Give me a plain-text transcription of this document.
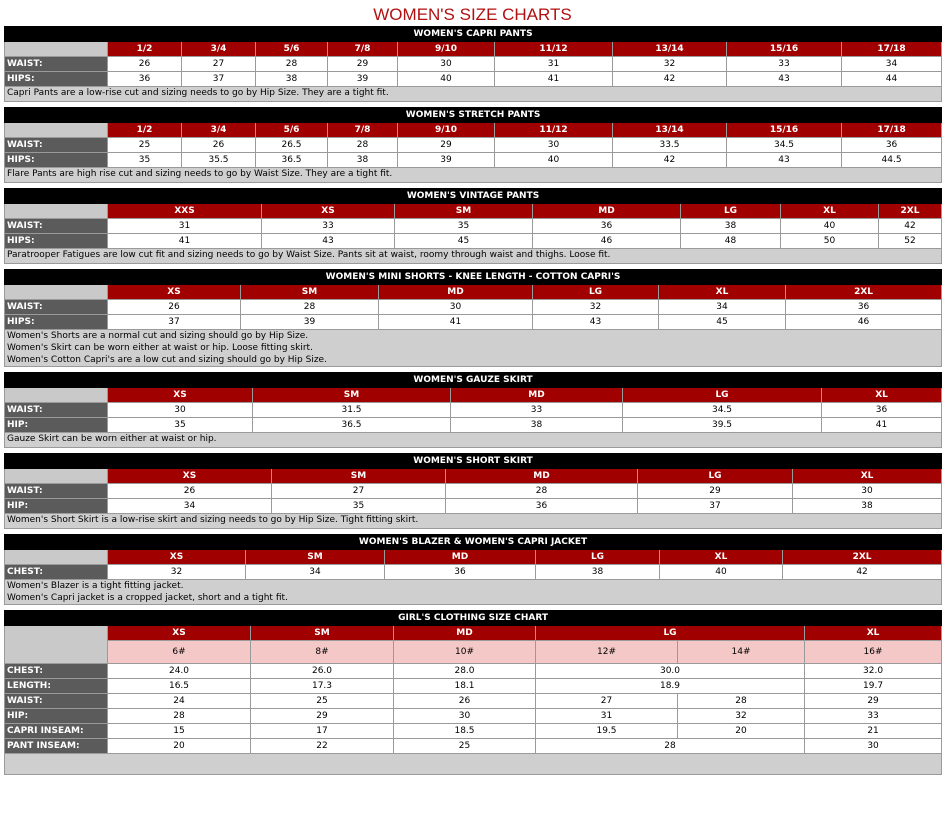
WOMEN'S SIZE CHARTS
WOMEN'S CAPRI PANTS									
	1/2	3/4	5/6	7/8	9/10	11/12	13/14	15/16	17/18
WAIST:	26	27	28	29	30	31	32	33	34
HIPS:	36	37	38	39	40	41	42	43	44

Capri Pants are a low-rise cut and sizing needs to go by Hip Size. They are a tight fit.									
WOMEN'S STRETCH PANTS									
	1/2	3/4	5/6	7/8	9/10	11/12	13/14	15/16	17/18
WAIST:	25	26	26.5	28	29	30	33.5	34.5	36
HIPS:	35	35.5	36.5	38	39	40	42	43	44.5

Flare Pants are high rise cut and sizing needs to go by Waist Size. They are a tight fit.									
WOMEN'S VINTAGE PANTS							
	XXS	XS	SM	MD	LG	XL	2XL
WAIST:	31	33	35	36	38	40	42
HIPS:	41	43	45	46	48	50	52

Paratrooper Fatigues are low cut fit and sizing needs to go by Waist Size. Pants sit at waist, roomy through waist and thighs. Loose fit.							
WOMEN'S MINI SHORTS - KNEE LENGTH - COTTON CAPRI'S						
	XS	SM	MD	LG	XL	2XL
WAIST:	26	28	30	32	34	36
HIPS:	37	39	41	43	45	46

Women's Shorts are a normal cut and sizing should go by Hip Size.
Women's Skirt can be worn either at waist or hip. Loose fitting skirt.
Women's Cotton Capri's are a low cut and sizing should go by Hip Size.						
WOMEN'S GAUZE SKIRT					
	XS	SM	MD	LG	XL
WAIST:	30	31.5	33	34.5	36
HIP:	35	36.5	38	39.5	41

Gauze Skirt can be worn either at waist or hip.					
WOMEN'S SHORT SKIRT					
	XS	SM	MD	LG	XL
WAIST:	26	27	28	29	30
HIP:	34	35	36	37	38

Women's Short Skirt is a low-rise skirt and sizing needs to go by Hip Size. Tight fitting skirt.					
WOMEN'S BLAZER & WOMEN'S CAPRI JACKET						
	XS	SM	MD	LG	XL	2XL
CHEST:	32	34	36	38	40	42

Women's Blazer is a tight fitting jacket.
Women's Capri jacket is a cropped jacket, short and a tight fit.						
GIRL'S CLOTHING SIZE CHART						
	XS	SM	MD	LG		XL
	6#	8#	10#	12#	14#	16#
CHEST:	24.0	26.0	28.0	30.0		32.0
LENGTH:	16.5	17.3	18.1	18.9		19.7
WAIST:	24	25	26	27	28	29
HIP:	28	29	30	31	32	33
CAPRI INSEAM:	15	17	18.5	19.5	20	21
PANT INSEAM:	20	22	25	28		30
